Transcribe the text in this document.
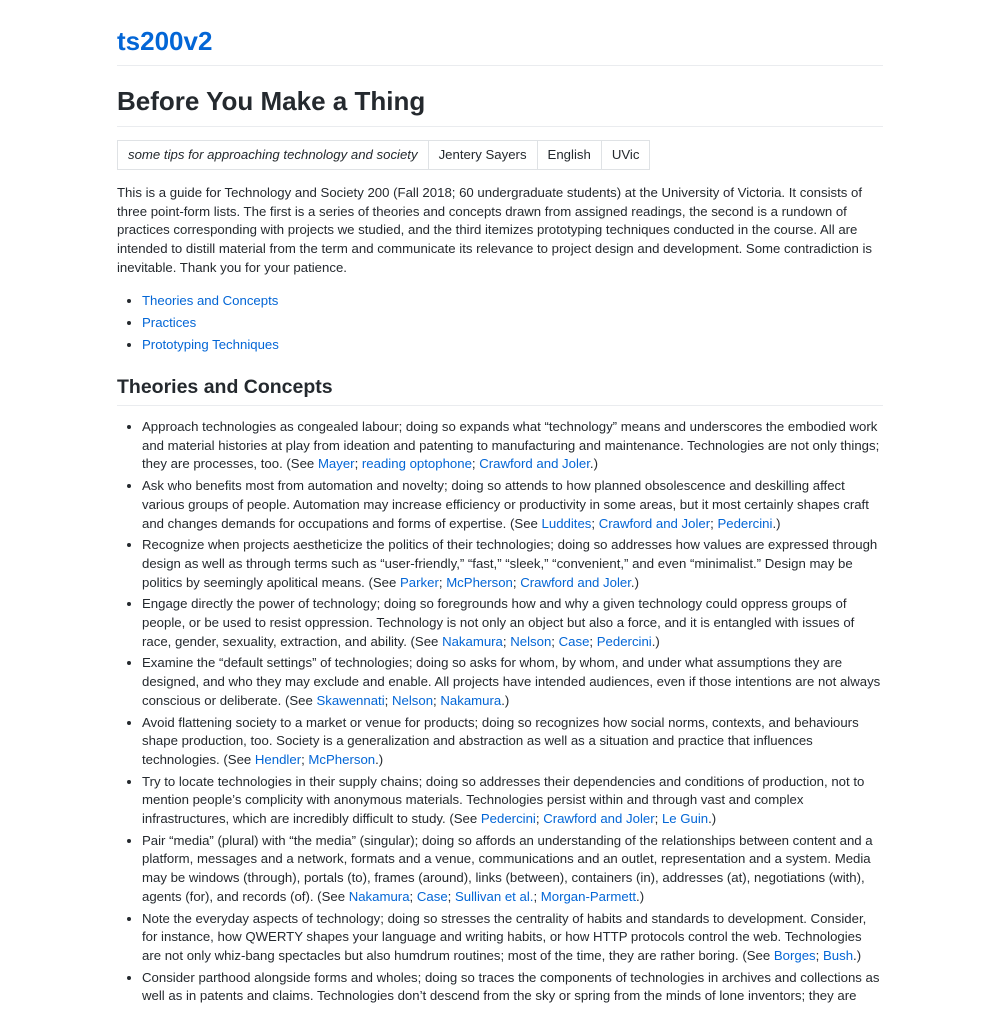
ts200v2
Before You Make a Thing
some tips for approaching technology and society	Jentery Sayers	English	UVic

This is a guide for Technology and Society 200 (Fall 2018; 60 undergraduate students) at the University of Victoria. It consists of three point-form lists. The first is a series of theories and concepts drawn from assigned readings, the second is a rundown of practices corresponding with projects we studied, and the third itemizes prototyping techniques conducted in the course. All are intended to distill material from the term and communicate its relevance to project design and development. Some contradiction is inevitable. Thank you for your patience.

• Theories and Concepts
• Practices
• Prototyping Techniques
Theories and Concepts
• Approach technologies as congealed labour; doing so expands what “technology” means and underscores the embodied work and material histories at play from ideation and patenting to manufacturing and maintenance. Technologies are not only things; they are processes, too. (See Mayer; reading optophone; Crawford and Joler.)
• Ask who benefits most from automation and novelty; doing so attends to how planned obsolescence and deskilling affect various groups of people. Automation may increase efficiency or productivity in some areas, but it most certainly shapes craft and changes demands for occupations and forms of expertise. (See Luddites; Crawford and Joler; Pedercini.)
• Recognize when projects aestheticize the politics of their technologies; doing so addresses how values are expressed through design as well as through terms such as “user-friendly,” “fast,” “sleek,” “convenient,” and even “minimalist.” Design may be politics by seemingly apolitical means. (See Parker; McPherson; Crawford and Joler.)
• Engage directly the power of technology; doing so foregrounds how and why a given technology could oppress groups of people, or be used to resist oppression. Technology is not only an object but also a force, and it is entangled with issues of race, gender, sexuality, extraction, and ability. (See Nakamura; Nelson; Case; Pedercini.)
• Examine the “default settings” of technologies; doing so asks for whom, by whom, and under what assumptions they are designed, and who they may exclude and enable. All projects have intended audiences, even if those intentions are not always conscious or deliberate. (See Skawennati; Nelson; Nakamura.)
• Avoid flattening society to a market or venue for products; doing so recognizes how social norms, contexts, and behaviours shape production, too. Society is a generalization and abstraction as well as a situation and practice that influences technologies. (See Hendler; McPherson.)
• Try to locate technologies in their supply chains; doing so addresses their dependencies and conditions of production, not to mention people’s complicity with anonymous materials. Technologies persist within and through vast and complex infrastructures, which are incredibly difficult to study. (See Pedercini; Crawford and Joler; Le Guin.)
• Pair “media” (plural) with “the media” (singular); doing so affords an understanding of the relationships between content and a platform, messages and a network, formats and a venue, communications and an outlet, representation and a system. Media may be windows (through), portals (to), frames (around), links (between), containers (in), addresses (at), negotiations (with), agents (for), and records (of). (See Nakamura; Case; Sullivan et al.; Morgan-Parmett.)
• Note the everyday aspects of technology; doing so stresses the centrality of habits and standards to development. Consider, for instance, how QWERTY shapes your language and writing habits, or how HTTP protocols control the web. Technologies are not only whiz-bang spectacles but also humdrum routines; most of the time, they are rather boring. (See Borges; Bush.)
• Consider parthood alongside forms and wholes; doing so traces the components of technologies in archives and collections as well as in patents and claims. Technologies don’t descend from the sky or spring from the minds of lone inventors; they are
